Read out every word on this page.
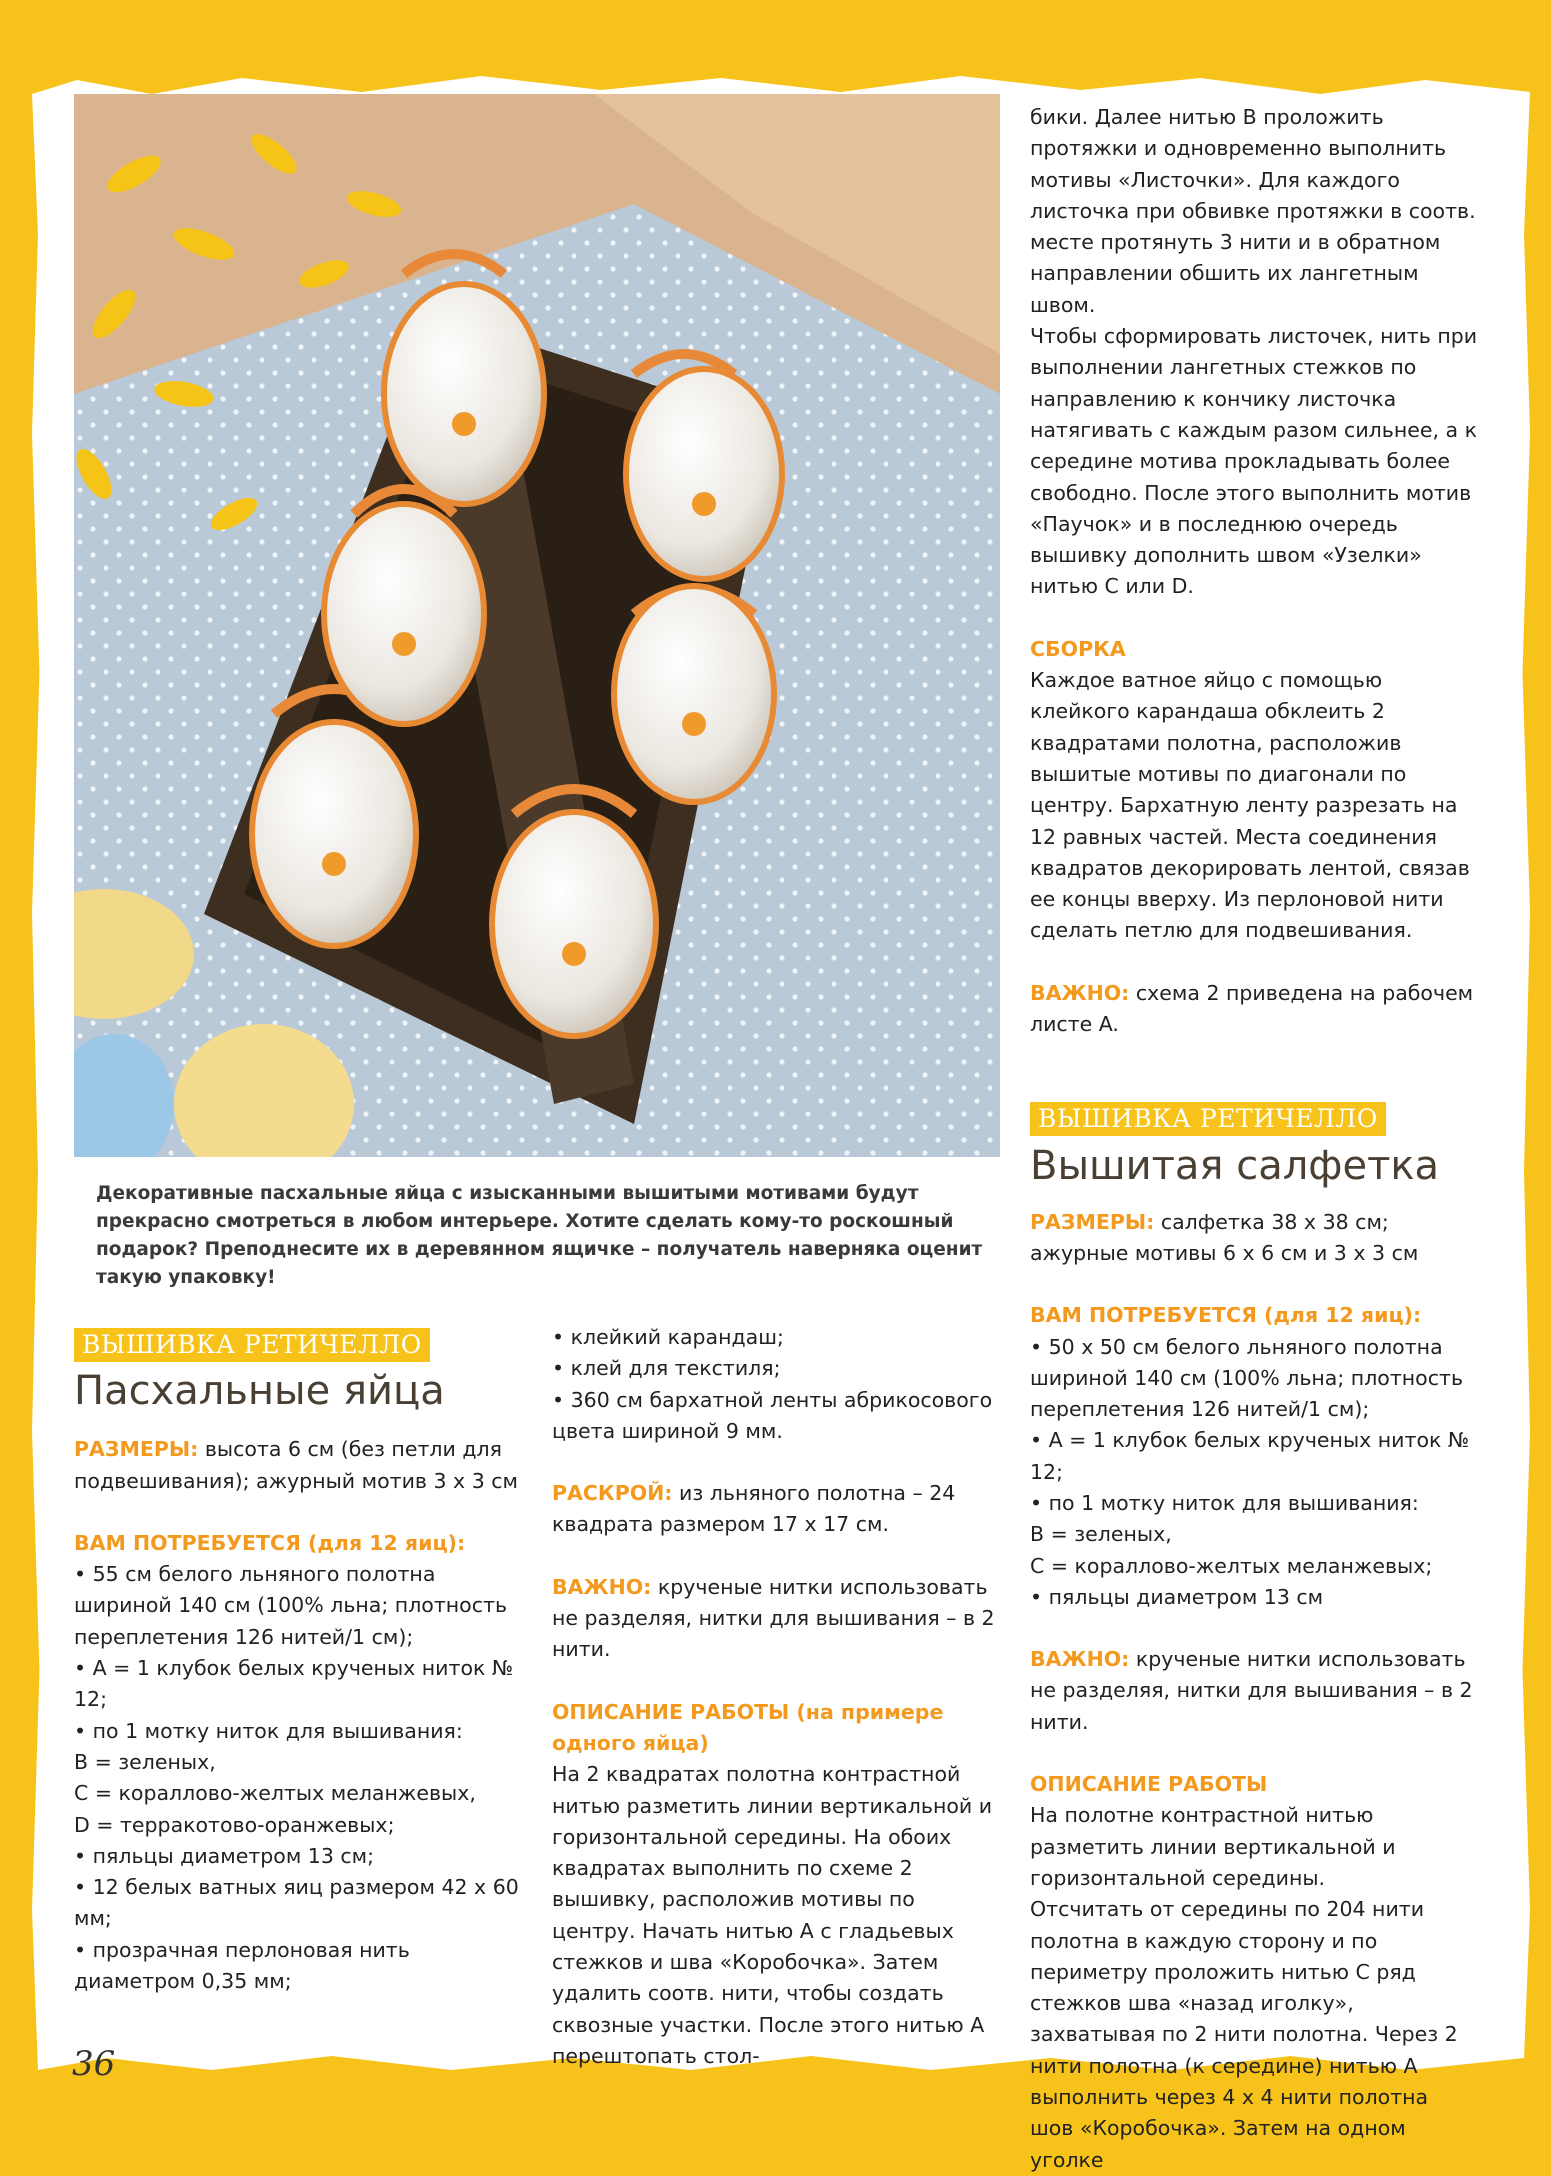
Декоративные пасхальные яйца с изысканными вышитыми мотивами будут прекрасно смотреться в любом интерьере. Хотите сделать кому-то роскошный подарок? Преподнесите их в деревянном ящичке – получатель наверняка оценит такую упаковку!
ВЫШИВКА РЕТИЧЕЛЛО
Пасхальные яйца

РАЗМЕРЫ: высота 6 см (без петли для подвешивания); ажурный мотив 3 х 3 см

ВАМ ПОТРЕБУЕТСЯ (для 12 яиц):

• 55 см белого льняного полотна шириной 140 см (100% льна; плотность переплетения 126 нитей/1 см);

• A = 1 клубок белых крученых ниток № 12;

• по 1 мотку ниток для вышивания:

B = зеленых,

C = кораллово-желтых меланжевых,

D = терракотово-оранжевых;

• пяльцы диаметром 13 см;

• 12 белых ватных яиц размером 42 х 60 мм;

• прозрачная перлоновая нить диаметром 0,35 мм;

• клейкий карандаш;

• клей для текстиля;

• 360 см бархатной ленты абрикосового цвета шириной 9 мм.

РАСКРОЙ: из льняного полотна – 24 квадрата размером 17 х 17 см.

ВАЖНО: крученые нитки использовать не разделяя, нитки для вышивания – в 2 нити.

ОПИСАНИЕ РАБОТЫ (на примере одного яйца)

На 2 квадратах полотна контрастной нитью разметить линии вертикальной и горизонтальной середины. На обоих квадратах выполнить по схеме 2 вышивку, расположив мотивы по центру. Начать нитью A с гладьевых стежков и шва «Коробочка». Затем удалить соотв. нити, чтобы создать сквозные участки. После этого нитью A перештопать стол-

бики. Далее нитью B проложить протяжки и одновременно выполнить мотивы «Листочки». Для каждого листочка при обвивке протяжки в соотв. месте протянуть 3 нити и в обратном направлении обшить их лангетным швом.

Чтобы сформировать листочек, нить при выполнении лангетных стежков по направлению к кончику листочка натягивать с каждым разом сильнее, а к середине мотива прокладывать более свободно. После этого выполнить мотив «Паучок» и в последнюю очередь вышивку дополнить швом «Узелки» нитью C или D.

СБОРКА

Каждое ватное яйцо с помощью клейкого карандаша обклеить 2 квадратами полотна, расположив вышитые мотивы по диагонали по центру. Бархатную ленту разрезать на 12 равных частей. Места соединения квадратов декорировать лентой, связав ее концы вверху. Из перлоновой нити сделать петлю для подвешивания.

ВАЖНО: схема 2 приведена на рабочем листе A.

ВЫШИВКА РЕТИЧЕЛЛО
Вышитая салфетка

РАЗМЕРЫ: салфетка 38 х 38 см; ажурные мотивы 6 х 6 см и 3 х 3 см

ВАМ ПОТРЕБУЕТСЯ (для 12 яиц):

• 50 x 50 см белого льняного полотна шириной 140 см (100% льна; плотность переплетения 126 нитей/1 см);

• A = 1 клубок белых крученых ниток № 12;

• по 1 мотку ниток для вышивания:

B = зеленых,

C = кораллово-желтых меланжевых;

• пяльцы диаметром 13 см

ВАЖНО: крученые нитки использовать не разделяя, нитки для вышивания – в 2 нити.

ОПИСАНИЕ РАБОТЫ

На полотне контрастной нитью разметить линии вертикальной и горизонтальной середины.

Отсчитать от середины по 204 нити полотна в каждую сторону и по периметру проложить нитью C ряд стежков шва «назад иголку», захватывая по 2 нити полотна. Через 2 нити полотна (к середине) нитью A выполнить через 4 х 4 нити полотна шов «Коробочка». Затем на одном уголке

36
